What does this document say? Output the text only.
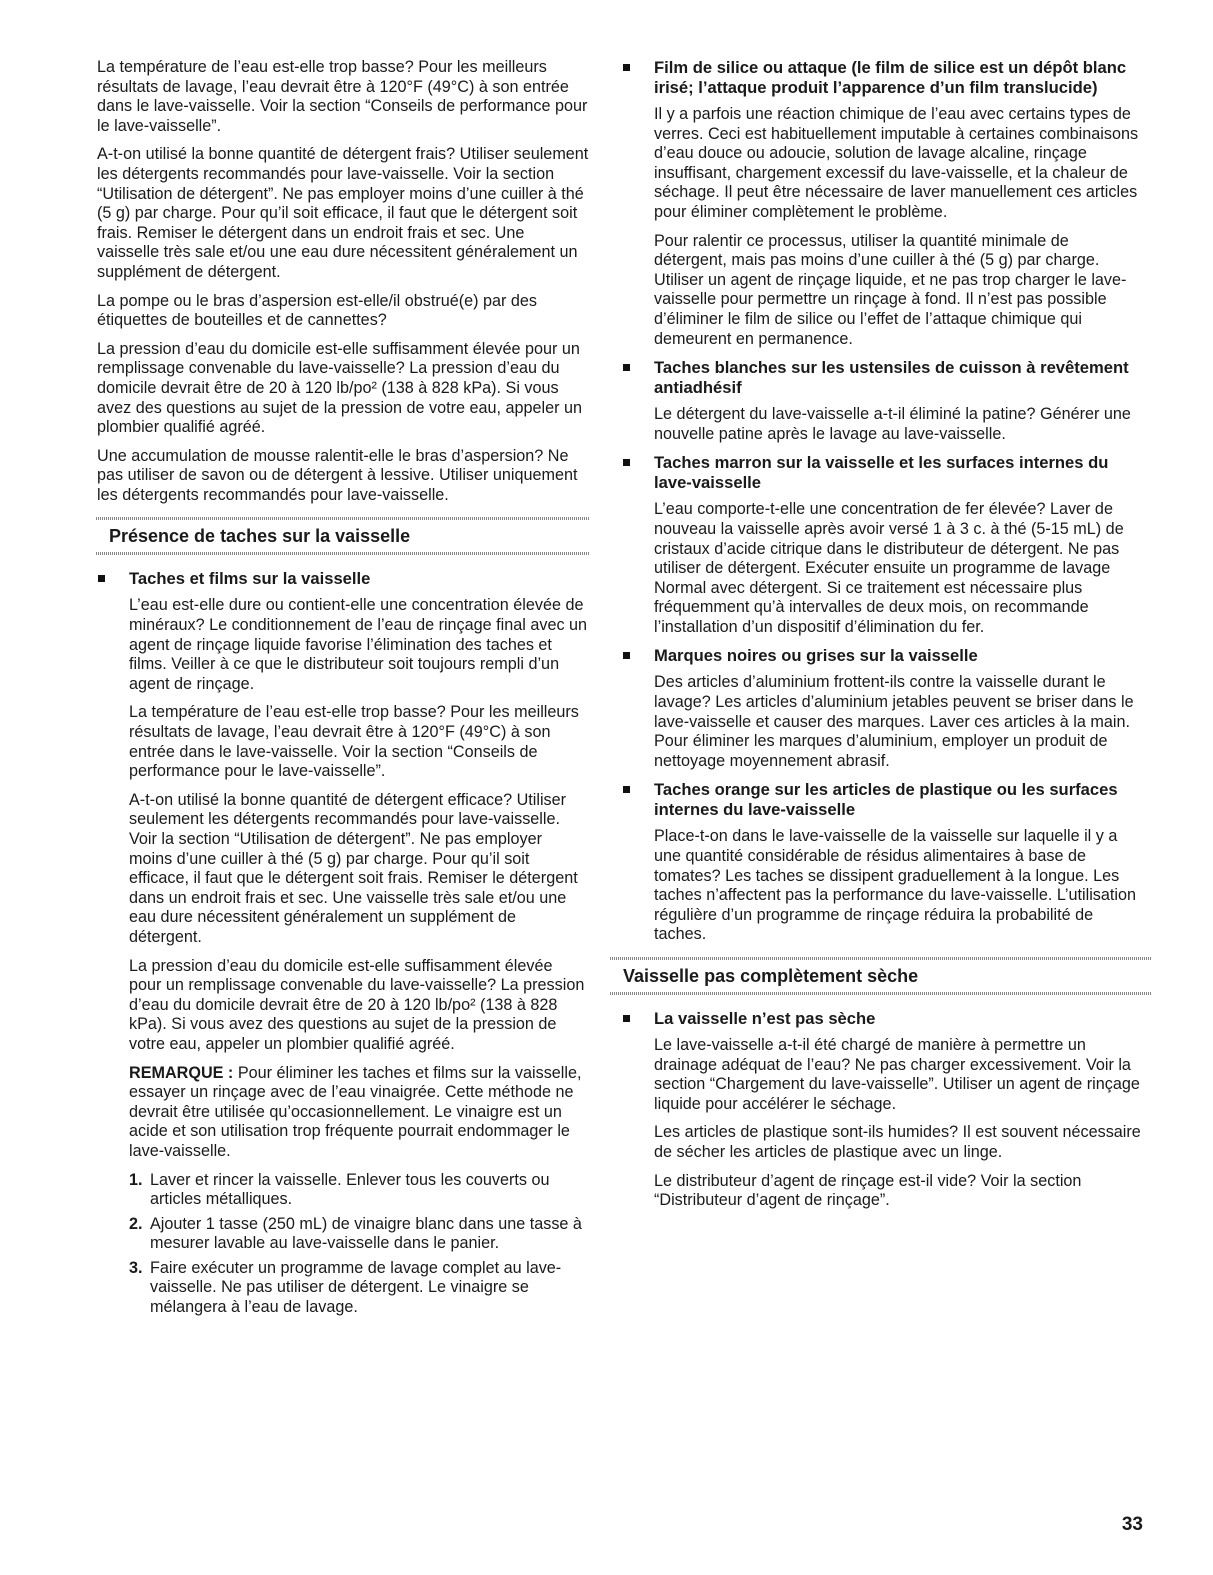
La température de l’eau est-elle trop basse? Pour les meilleurs résultats de lavage, l’eau devrait être à 120°F (49°C) à son entrée dans le lave-vaisselle. Voir la section “Conseils de performance pour le lave-vaisselle”.

A-t-on utilisé la bonne quantité de détergent frais? Utiliser seulement les détergents recommandés pour lave-vaisselle. Voir la section “Utilisation de détergent”. Ne pas employer moins d’une cuiller à thé (5 g) par charge. Pour qu’il soit efficace, il faut que le détergent soit frais. Remiser le détergent dans un endroit frais et sec. Une vaisselle très sale et/ou une eau dure nécessitent généralement un supplément de détergent.

La pompe ou le bras d’aspersion est-elle/il obstrué(e) par des étiquettes de bouteilles et de cannettes?

La pression d’eau du domicile est-elle suffisamment élevée pour un remplissage convenable du lave-vaisselle? La pression d’eau du domicile devrait être de 20 à 120 lb/po² (138 à 828 kPa). Si vous avez des questions au sujet de la pression de votre eau, appeler un plombier qualifié agréé.

Une accumulation de mousse ralentit-elle le bras d’aspersion? Ne pas utiliser de savon ou de détergent à lessive. Utiliser uniquement les détergents recommandés pour lave-vaisselle.

Présence de taches sur la vaisselle
Taches et films sur la vaisselle

L’eau est-elle dure ou contient-elle une concentration élevée de minéraux? Le conditionnement de l’eau de rinçage final avec un agent de rinçage liquide favorise l’élimination des taches et films. Veiller à ce que le distributeur soit toujours rempli d’un agent de rinçage.

La température de l’eau est-elle trop basse? Pour les meilleurs résultats de lavage, l’eau devrait être à 120°F (49°C) à son entrée dans le lave-vaisselle. Voir la section “Conseils de performance pour le lave-vaisselle”.

A-t-on utilisé la bonne quantité de détergent efficace? Utiliser seulement les détergents recommandés pour lave-vaisselle. Voir la section “Utilisation de détergent”. Ne pas employer moins d’une cuiller à thé (5 g) par charge. Pour qu’il soit efficace, il faut que le détergent soit frais. Remiser le détergent dans un endroit frais et sec. Une vaisselle très sale et/ou une eau dure nécessitent généralement un supplément de détergent.

La pression d’eau du domicile est-elle suffisamment élevée pour un remplissage convenable du lave-vaisselle? La pression d’eau du domicile devrait être de 20 à 120 lb/po² (138 à 828 kPa). Si vous avez des questions au sujet de la pression de votre eau, appeler un plombier qualifié agréé.

REMARQUE : Pour éliminer les taches et films sur la vaisselle, essayer un rinçage avec de l’eau vinaigrée. Cette méthode ne devrait être utilisée qu’occasionnellement. Le vinaigre est un acide et son utilisation trop fréquente pourrait endommager le lave-vaisselle.

1. Laver et rincer la vaisselle. Enlever tous les couverts ou articles métalliques.
2. Ajouter 1 tasse (250 mL) de vinaigre blanc dans une tasse à mesurer lavable au lave-vaisselle dans le panier.
3. Faire exécuter un programme de lavage complet au lave-vaisselle. Ne pas utiliser de détergent. Le vinaigre se mélangera à l’eau de lavage.
Film de silice ou attaque (le film de silice est un dépôt blanc irisé; l’attaque produit l’apparence d’un film translucide)

Il y a parfois une réaction chimique de l’eau avec certains types de verres. Ceci est habituellement imputable à certaines combinaisons d’eau douce ou adoucie, solution de lavage alcaline, rinçage insuffisant, chargement excessif du lave-vaisselle, et la chaleur de séchage. Il peut être nécessaire de laver manuellement ces articles pour éliminer complètement le problème.

Pour ralentir ce processus, utiliser la quantité minimale de détergent, mais pas moins d’une cuiller à thé (5 g) par charge. Utiliser un agent de rinçage liquide, et ne pas trop charger le lave-vaisselle pour permettre un rinçage à fond. Il n’est pas possible d’éliminer le film de silice ou l’effet de l’attaque chimique qui demeurent en permanence.

Taches blanches sur les ustensiles de cuisson à revêtement antiadhésif

Le détergent du lave-vaisselle a-t-il éliminé la patine? Générer une nouvelle patine après le lavage au lave-vaisselle.

Taches marron sur la vaisselle et les surfaces internes du lave-vaisselle

L’eau comporte-t-elle une concentration de fer élevée? Laver de nouveau la vaisselle après avoir versé 1 à 3 c. à thé (5-15 mL) de cristaux d’acide citrique dans le distributeur de détergent. Ne pas utiliser de détergent. Exécuter ensuite un programme de lavage Normal avec détergent. Si ce traitement est nécessaire plus fréquemment qu’à intervalles de deux mois, on recommande l’installation d’un dispositif d’élimination du fer.

Marques noires ou grises sur la vaisselle

Des articles d’aluminium frottent-ils contre la vaisselle durant le lavage? Les articles d’aluminium jetables peuvent se briser dans le lave-vaisselle et causer des marques. Laver ces articles à la main. Pour éliminer les marques d’aluminium, employer un produit de nettoyage moyennement abrasif.

Taches orange sur les articles de plastique ou les surfaces internes du lave-vaisselle

Place-t-on dans le lave-vaisselle de la vaisselle sur laquelle il y a une quantité considérable de résidus alimentaires à base de tomates? Les taches se dissipent graduellement à la longue. Les taches n’affectent pas la performance du lave-vaisselle. L’utilisation régulière d’un programme de rinçage réduira la probabilité de taches.

Vaisselle pas complètement sèche
La vaisselle n’est pas sèche

Le lave-vaisselle a-t-il été chargé de manière à permettre un drainage adéquat de l’eau? Ne pas charger excessivement. Voir la section “Chargement du lave-vaisselle”. Utiliser un agent de rinçage liquide pour accélérer le séchage.

Les articles de plastique sont-ils humides? Il est souvent nécessaire de sécher les articles de plastique avec un linge.

Le distributeur d’agent de rinçage est-il vide? Voir la section “Distributeur d’agent de rinçage”.

33
